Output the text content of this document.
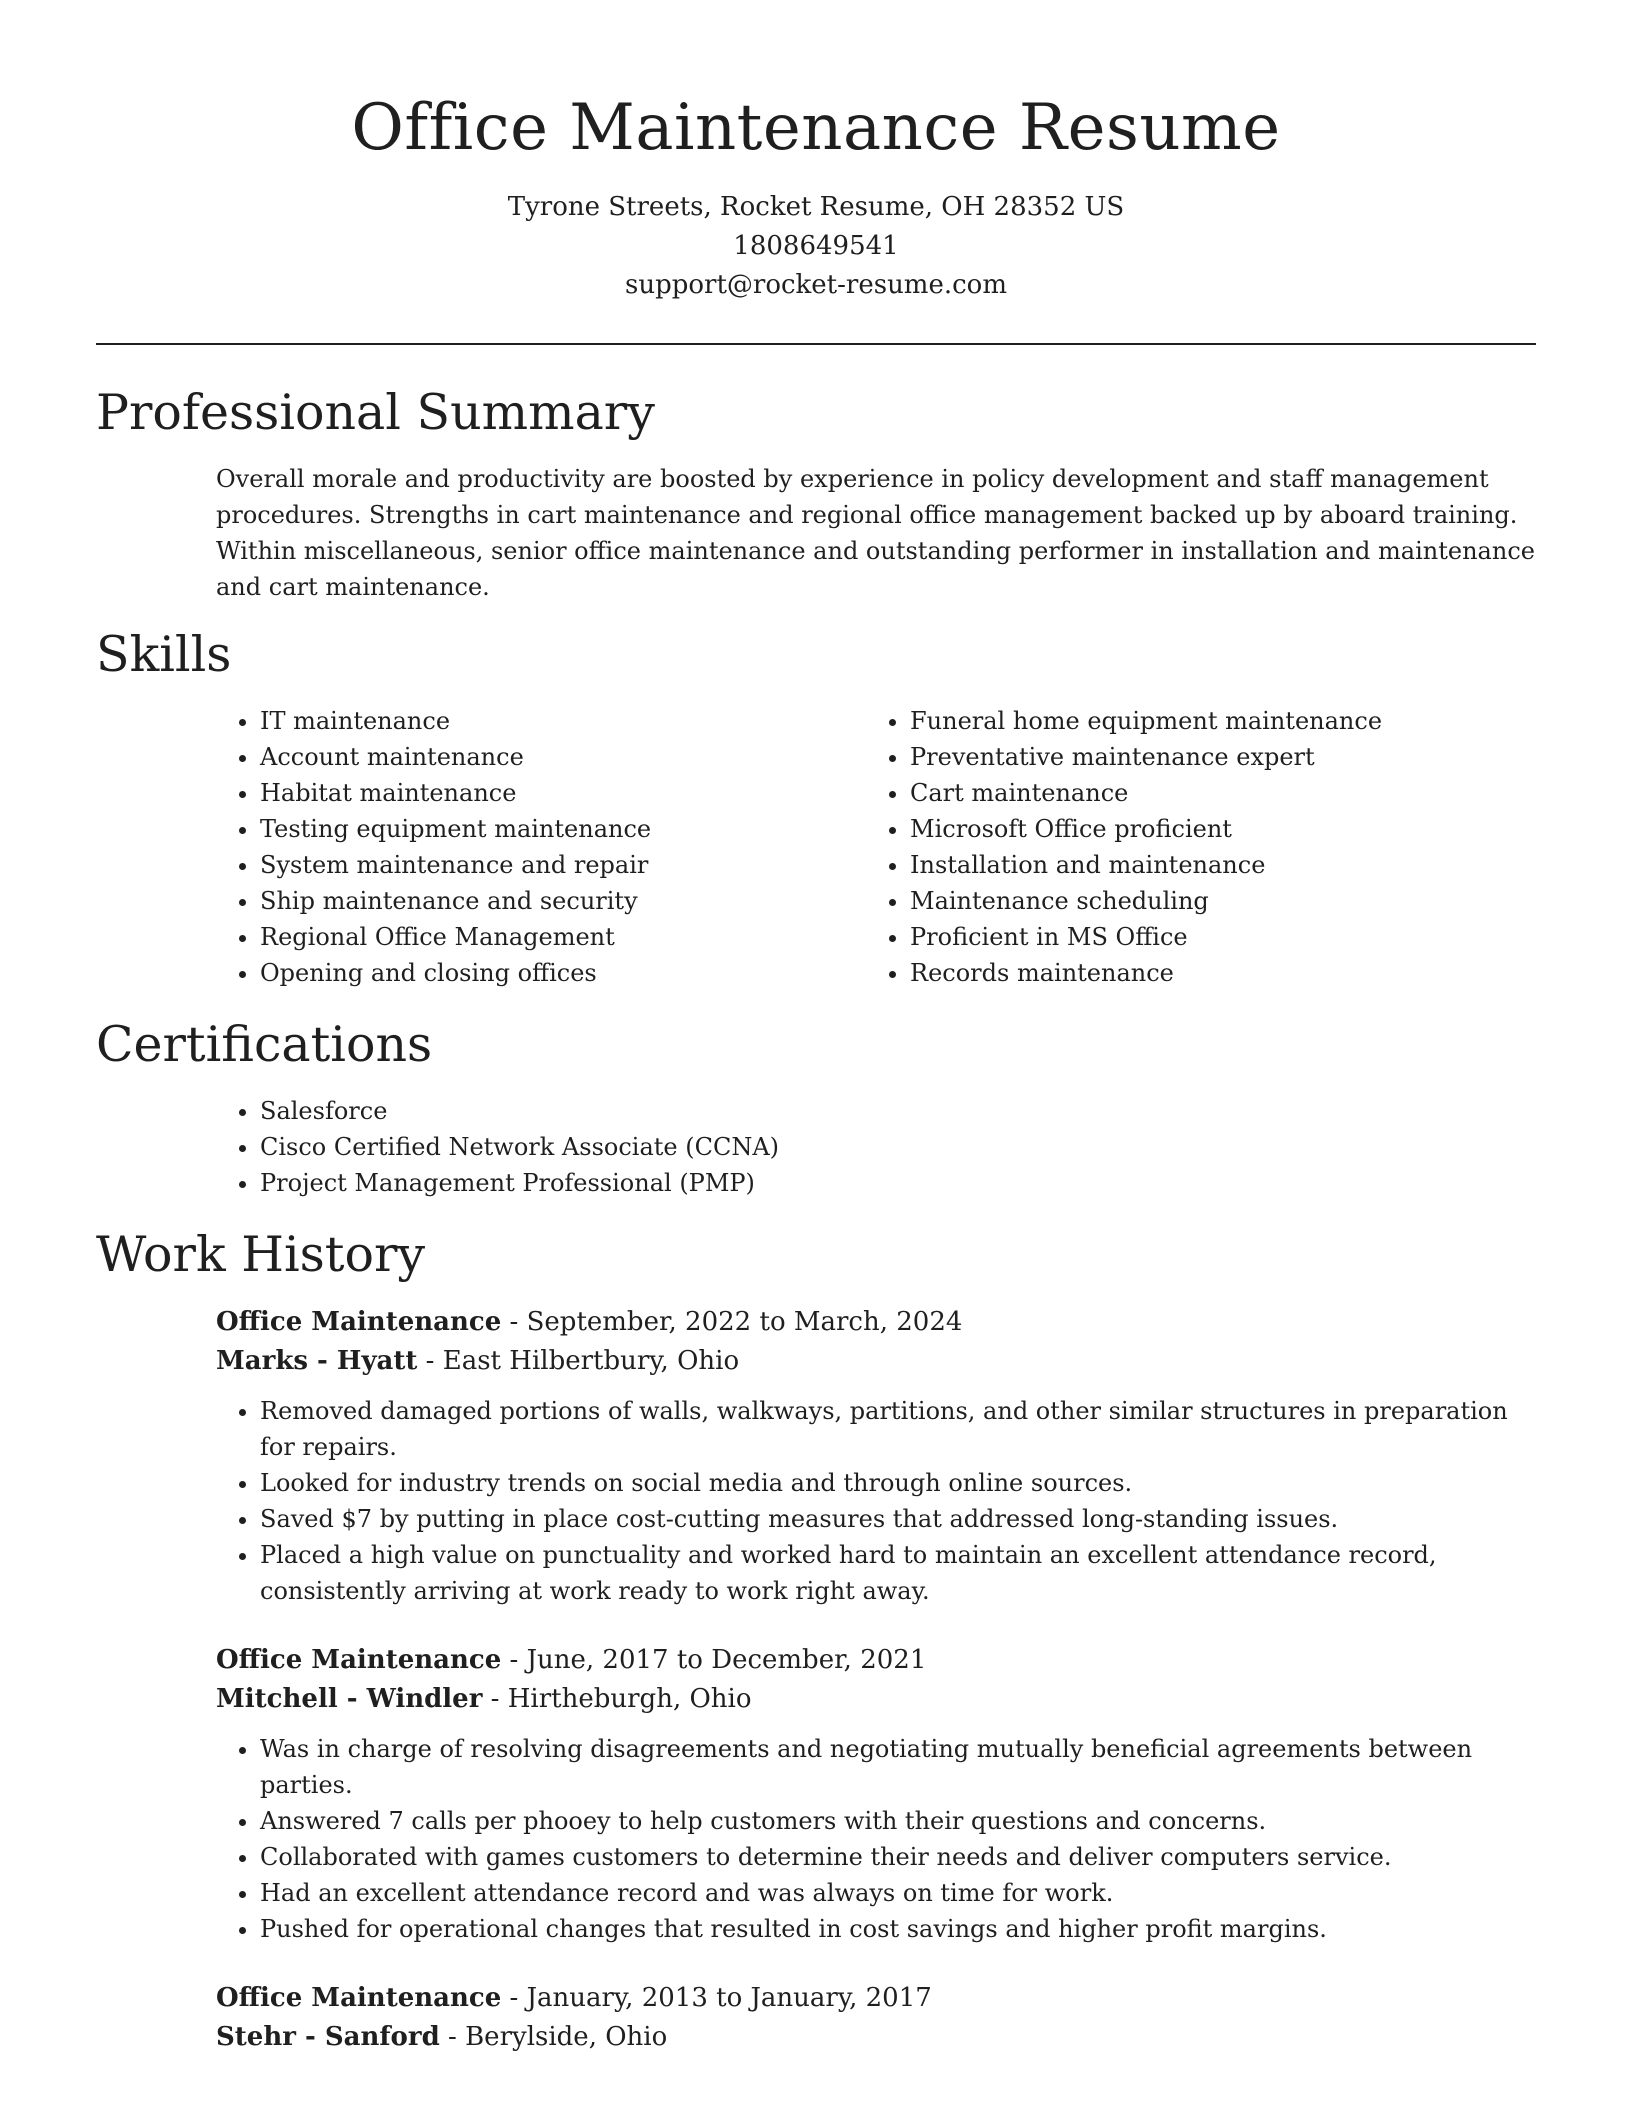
Office Maintenance Resume

Tyrone Streets, Rocket Resume, OH 28352 US

1808649541

support@rocket-resume.com

Professional Summary

Overall morale and productivity are boosted by experience in policy development and staff management procedures. Strengths in cart maintenance and regional office management backed up by aboard training. Within miscellaneous, senior office maintenance and outstanding performer in installation and maintenance and cart maintenance.

Skills
• IT maintenance
• Account maintenance
• Habitat maintenance
• Testing equipment maintenance
• System maintenance and repair
• Ship maintenance and security
• Regional Office Management
• Opening and closing offices
• Funeral home equipment maintenance
• Preventative maintenance expert
• Cart maintenance
• Microsoft Office proficient
• Installation and maintenance
• Maintenance scheduling
• Proficient in MS Office
• Records maintenance
Certifications
• Salesforce
• Cisco Certified Network Associate (CCNA)
• Project Management Professional (PMP)
Work History

Office Maintenance - September, 2022 to March, 2024

Marks - Hyatt - East Hilbertbury, Ohio

• Removed damaged portions of walls, walkways, partitions, and other similar structures in preparation for repairs.
• Looked for industry trends on social media and through online sources.
• Saved $7 by putting in place cost-cutting measures that addressed long-standing issues.
• Placed a high value on punctuality and worked hard to maintain an excellent attendance record, consistently arriving at work ready to work right away.

Office Maintenance - June, 2017 to December, 2021

Mitchell - Windler - Hirtheburgh, Ohio

• Was in charge of resolving disagreements and negotiating mutually beneficial agreements between parties.
• Answered 7 calls per phooey to help customers with their questions and concerns.
• Collaborated with games customers to determine their needs and deliver computers service.
• Had an excellent attendance record and was always on time for work.
• Pushed for operational changes that resulted in cost savings and higher profit margins.

Office Maintenance - January, 2013 to January, 2017

Stehr - Sanford - Berylside, Ohio
